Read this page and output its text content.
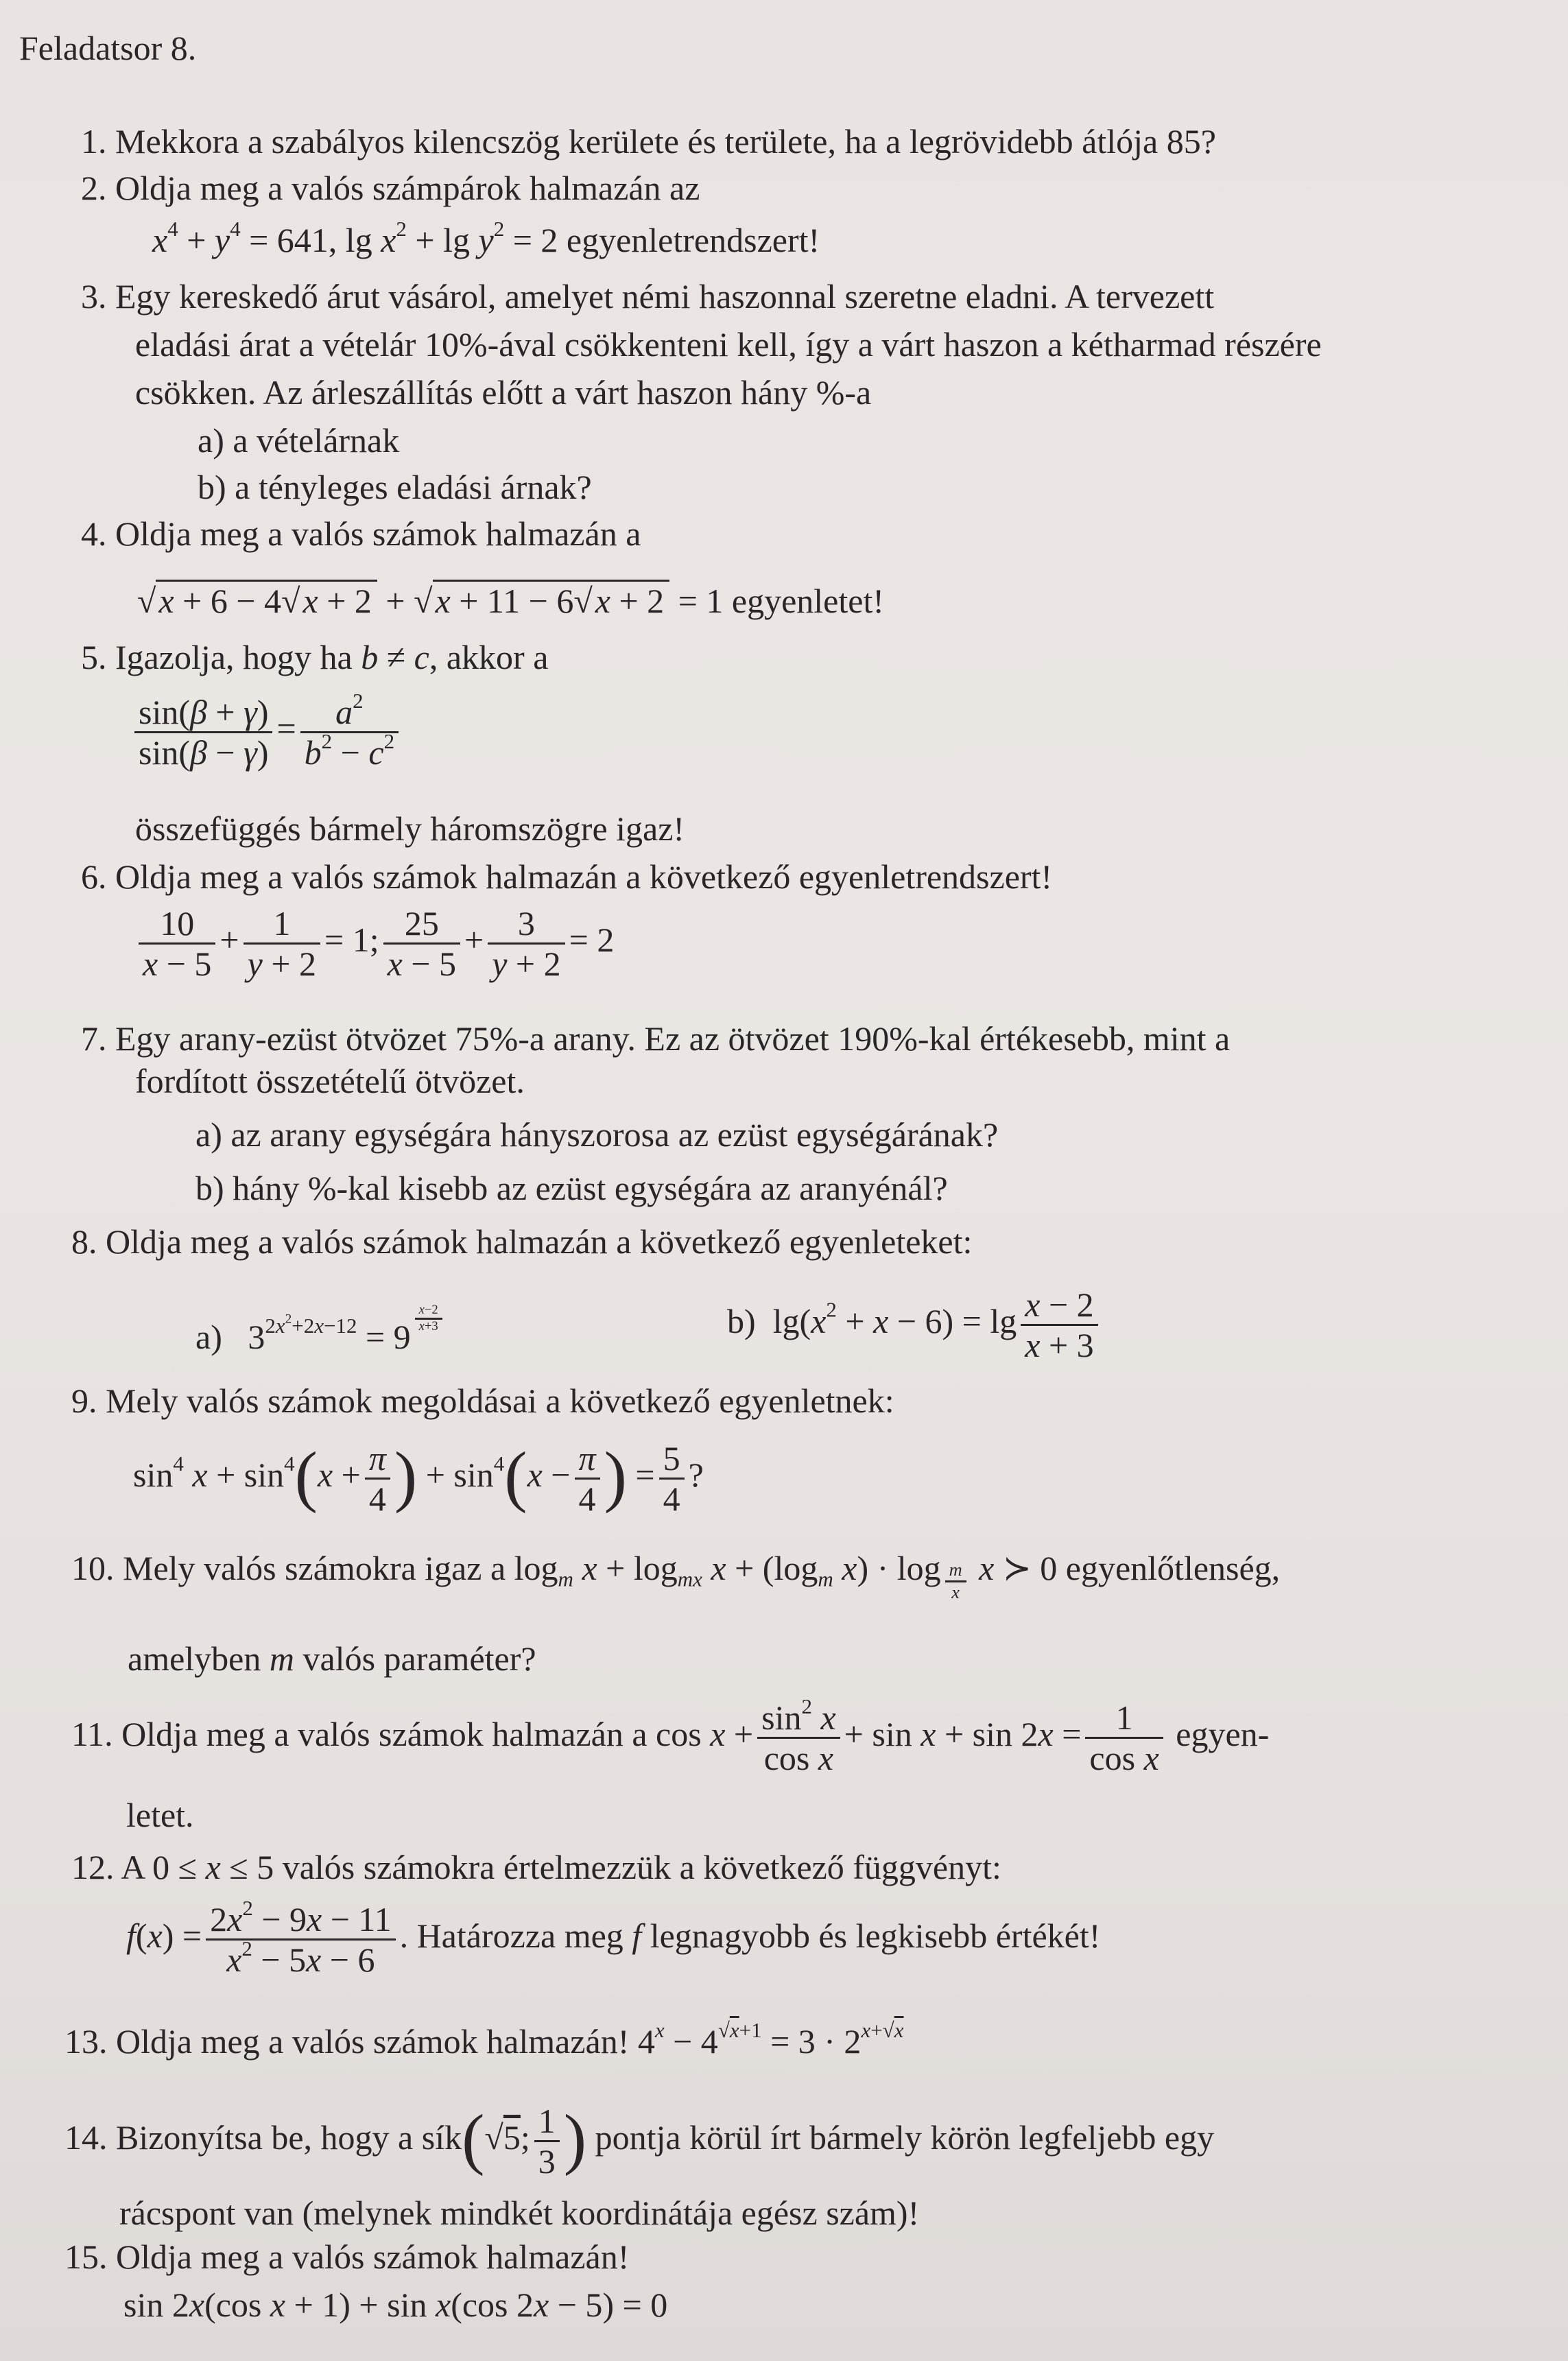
Feladatsor 8.
1. Mekkora a szabályos kilencszög kerülete és területe, ha a legrövidebb átlója 85?
2. Oldja meg a valós számpárok halmazán az
$x^4 + y^4 = 641$, $\lg x^2 + \lg y^2 = 2$ egyenletrendszert!
3. Egy kereskedő árut vásárol, amelyet némi haszonnal szeretne eladni. A tervezett
eladási árat a vételár 10%-ával csökkenteni kell, így a várt haszon a kétharmad részére
csökken. Az árleszállítás előtt a várt haszon hány %-a
a) a vételárnak
b) a tényleges eladási árnak?
4. Oldja meg a valós számok halmazán a
√x + 6 − 4√x + 2 + √x + 11 − 6√x + 2 = 1 egyenletet!
5. Igazolja, hogy ha b ≠ c, akkor a
$\frac{\sin(\beta + \gamma)}{\sin(\beta - \gamma)} = \frac{a^2}{b^2 - c^2}$
összefüggés bármely háromszögre igaz!
6. Oldja meg a valós számok halmazán a következő egyenletrendszert!
$\frac{10}{x - 5} + \frac{1}{y + 2} = 1$; $\frac{25}{x - 5} + \frac{3}{y + 2} = 2$
7. Egy arany-ezüst ötvözet 75%-a arany. Ez az ötvözet 190%-kal értékesebb, mint a
fordított összetételű ötvözet.
a) az arany egységára hányszorosa az ezüst egységárának?
b) hány %-kal kisebb az ezüst egységára az aranyénál?
8. Oldja meg a valós számok halmazán a következő egyenleteket:
a)   $3^{2x^2+2x-12} = 9$ $^{\frac{x-2}{x+3}}$	b)  $\lg(x^2 + x - 6) = \lg \frac{x - 2}{x + 3}$
9. Mely valós számok megoldásai a következő egyenletnek:
$\sin^4 x + \sin^4(x + \frac{\pi}{4}$ ) + $\sin^4(x - \frac{\pi}{4}$ ) = $\frac{5}{4}$ ?
10. Mely valós számokra igaz a $\log_m x + \log_{mx} x + (\log_m$ x) · log $_{\frac{m}{x}}$ x ≻ 0 egyenlőtlenség,
amelyben m valós paraméter?
11. Oldja meg a valós számok halmazán a $\cos x + \frac{\sin^2 x}{\text{cos x}} + \sin x + \sin 2x = \frac{1}{\text{cos x}}$ egyen-
letet.
12. A 0 ≤ x ≤ 5 valós számokra értelmezzük a következő függvényt:
$f(x) = \frac{2x^2 - 9x - 11}{x^2 - 5x - 6}$ . Határozza meg f legnagyobb és legkisebb értékét!
13. Oldja meg a valós számok halmazán! $4^x - 4^{√x+1} = 3 \cdot 2^{x+√x}$
14. Bizonyítsa be, hogy a sík(√5; $\frac{1}{3}$ ) pontja körül írt bármely körön legfeljebb egy
rácspont van (melynek mindkét koordinátája egész szám)!
15. Oldja meg a valós számok halmazán!
sin 2x(cos x + 1) + sin x(cos 2x − 5) = 0
